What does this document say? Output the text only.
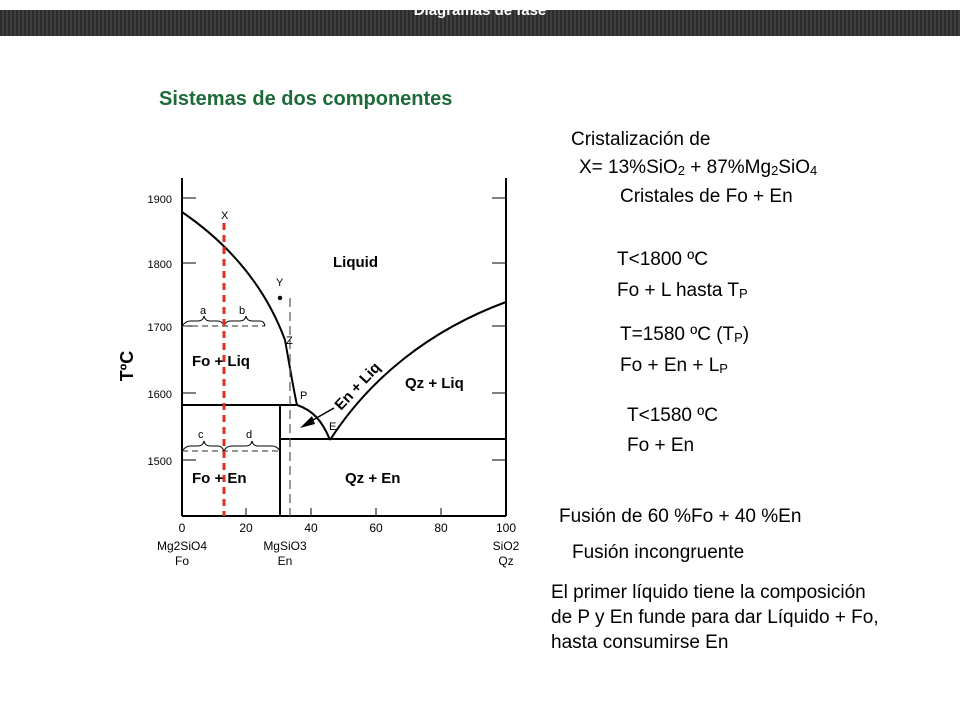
Diagramas de fase
Sistemas de dos componentes
1900
1800
1700
1600
1500
TºC
0	20	40	60	80	100
Mg2SiO4
Fo
MgSiO3
En
SiO2
Qz
X
Y
Z
P
E
a	b
c	d
Liquid
Fo + Liq	En + Liq Qz + Liq
Fo + En	Qz + En
Cristalización de
$X= 13\%SiO_2 + 87\%Mg_2SiO_4$
Cristales de Fo + En
T<1800 ºC
Fo + L hasta $T_P$
T=1580 ºC $(T_P)$
$Fo + En + L_P$
T<1580 ºC
Fo + En
Fusión de 60 %Fo + 40 %En
Fusión incongruente
El primer líquido tiene la composición de P y En funde para dar Líquido + Fo, hasta consumirse En
